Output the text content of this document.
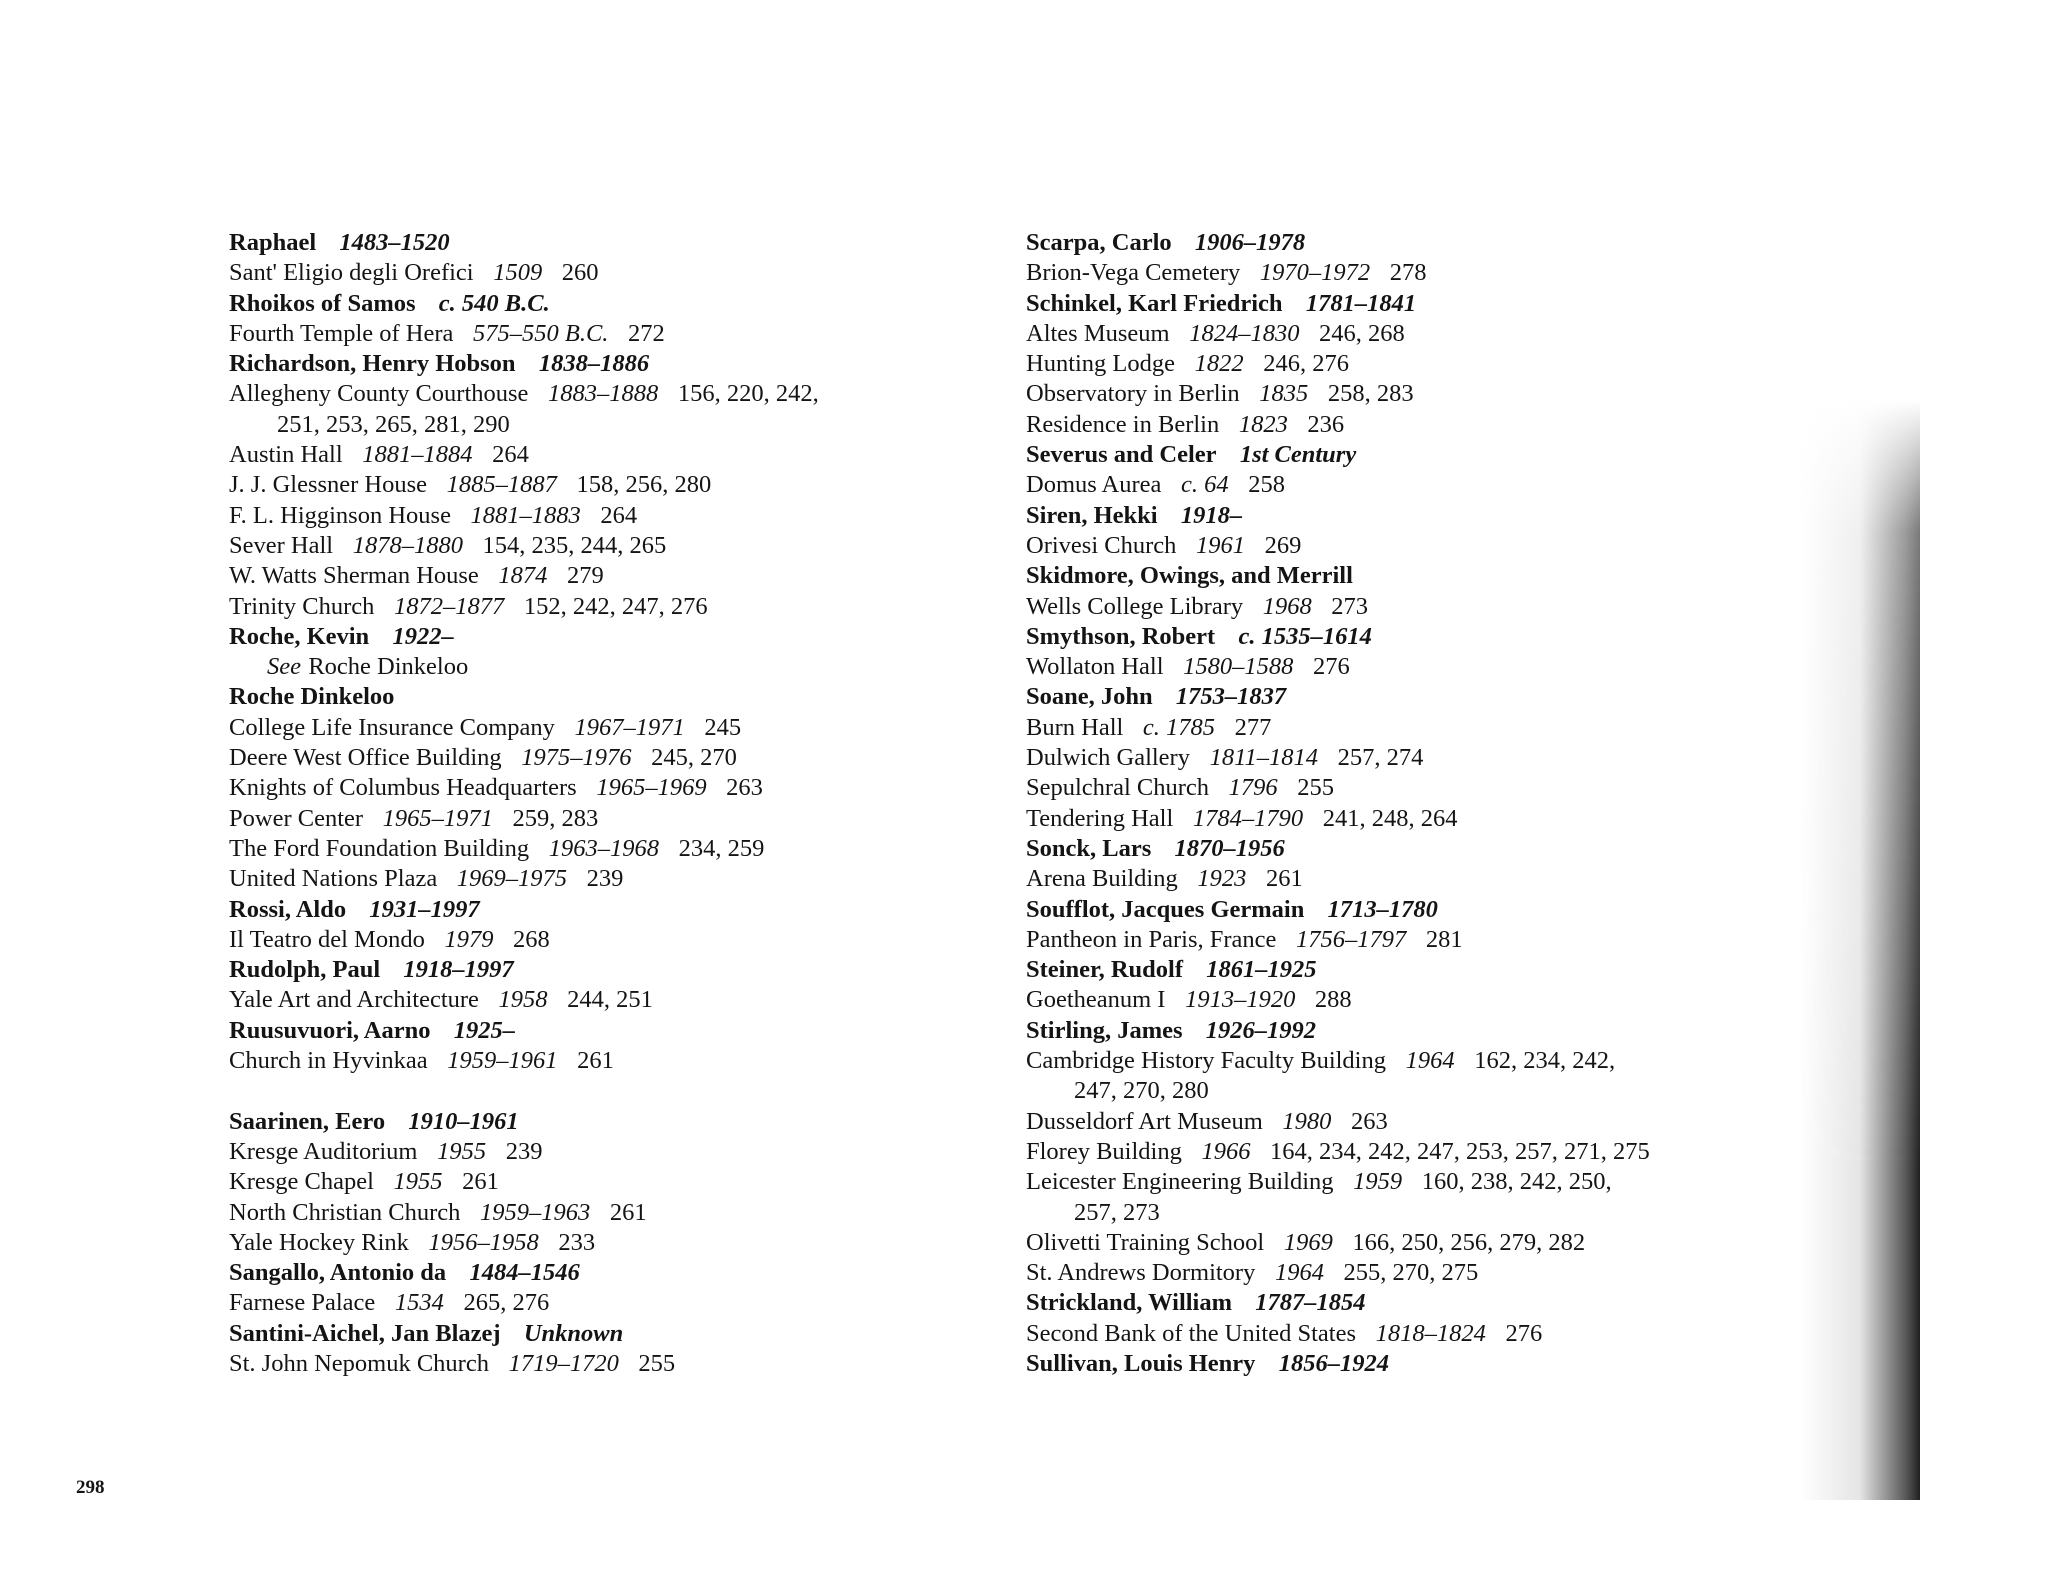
Raphael 1483–1520
Sant' Eligio degli Orefici 1509 260
Rhoikos of Samos c. 540 B.C.
Fourth Temple of Hera 575–550 B.C. 272
Richardson, Henry Hobson 1838–1886
Allegheny County Courthouse 1883–1888 156, 220, 242,
251, 253, 265, 281, 290
Austin Hall 1881–1884 264
J. J. Glessner House 1885–1887 158, 256, 280
F. L. Higginson House 1881–1883 264
Sever Hall 1878–1880 154, 235, 244, 265
W. Watts Sherman House 1874 279
Trinity Church 1872–1877 152, 242, 247, 276
Roche, Kevin 1922–
See Roche Dinkeloo
Roche Dinkeloo
College Life Insurance Company 1967–1971 245
Deere West Office Building 1975–1976 245, 270
Knights of Columbus Headquarters 1965–1969 263
Power Center 1965–1971 259, 283
The Ford Foundation Building 1963–1968 234, 259
United Nations Plaza 1969–1975 239
Rossi, Aldo 1931–1997
Il Teatro del Mondo 1979 268
Rudolph, Paul 1918–1997
Yale Art and Architecture 1958 244, 251
Ruusuvuori, Aarno 1925–
Church in Hyvinkaa 1959–1961 261
Saarinen, Eero 1910–1961
Kresge Auditorium 1955 239
Kresge Chapel 1955 261
North Christian Church 1959–1963 261
Yale Hockey Rink 1956–1958 233
Sangallo, Antonio da 1484–1546
Farnese Palace 1534 265, 276
Santini-Aichel, Jan Blazej Unknown
St. John Nepomuk Church 1719–1720 255
Scarpa, Carlo 1906–1978
Brion-Vega Cemetery 1970–1972 278
Schinkel, Karl Friedrich 1781–1841
Altes Museum 1824–1830 246, 268
Hunting Lodge 1822 246, 276
Observatory in Berlin 1835 258, 283
Residence in Berlin 1823 236
Severus and Celer 1st Century
Domus Aurea c. 64 258
Siren, Hekki 1918–
Orivesi Church 1961 269
Skidmore, Owings, and Merrill
Wells College Library 1968 273
Smythson, Robert c. 1535–1614
Wollaton Hall 1580–1588 276
Soane, John 1753–1837
Burn Hall c. 1785 277
Dulwich Gallery 1811–1814 257, 274
Sepulchral Church 1796 255
Tendering Hall 1784–1790 241, 248, 264
Sonck, Lars 1870–1956
Arena Building 1923 261
Soufflot, Jacques Germain 1713–1780
Pantheon in Paris, France 1756–1797 281
Steiner, Rudolf 1861–1925
Goetheanum I 1913–1920 288
Stirling, James 1926–1992
Cambridge History Faculty Building 1964 162, 234, 242,
247, 270, 280
Dusseldorf Art Museum 1980 263
Florey Building 1966 164, 234, 242, 247, 253, 257, 271, 275
Leicester Engineering Building 1959 160, 238, 242, 250,
257, 273
Olivetti Training School 1969 166, 250, 256, 279, 282
St. Andrews Dormitory 1964 255, 270, 275
Strickland, William 1787–1854
Second Bank of the United States 1818–1824 276
Sullivan, Louis Henry 1856–1924
298
